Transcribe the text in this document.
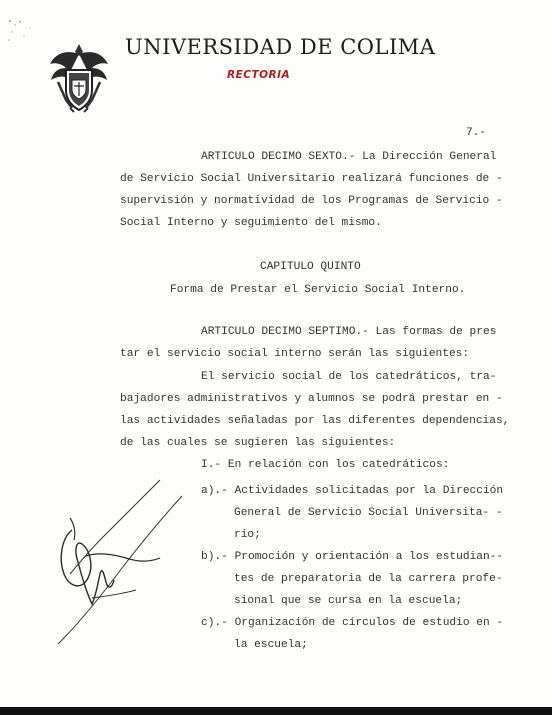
UNIVERSIDAD DE COLIMA
RECTORIA
7.-
ARTICULO DECIMO SEXTO.- La Dirección General
de Servicio Social Universitario realizará funciones de -
supervisión y normatividad de los Programas de Servicio -
Social Interno y seguimiento del mismo.
CAPITULO QUINTO
Forma de Prestar el Servicio Social Interno.
ARTICULO DECIMO SEPTIMO.- Las formas de pres
tar el servicio social interno serán las siguientes:
El servicio social de los catedráticos, tra-
bajadores administrativos y alumnos se podrá prestar en -
las actividades señaladas por las diferentes dependencias,
de las cuales se sugieren las siguientes:
I.- En relación con los catedráticos:
a).- Actividades solicitadas por la Dirección
General de Servicio Social Universita- -
rio;
b).- Promoción y orientación a los estudian--
tes de preparatoria de la carrera profe-
sional que se cursa en la escuela;
c).- Organización de círculos de estudio en -
la escuela;
